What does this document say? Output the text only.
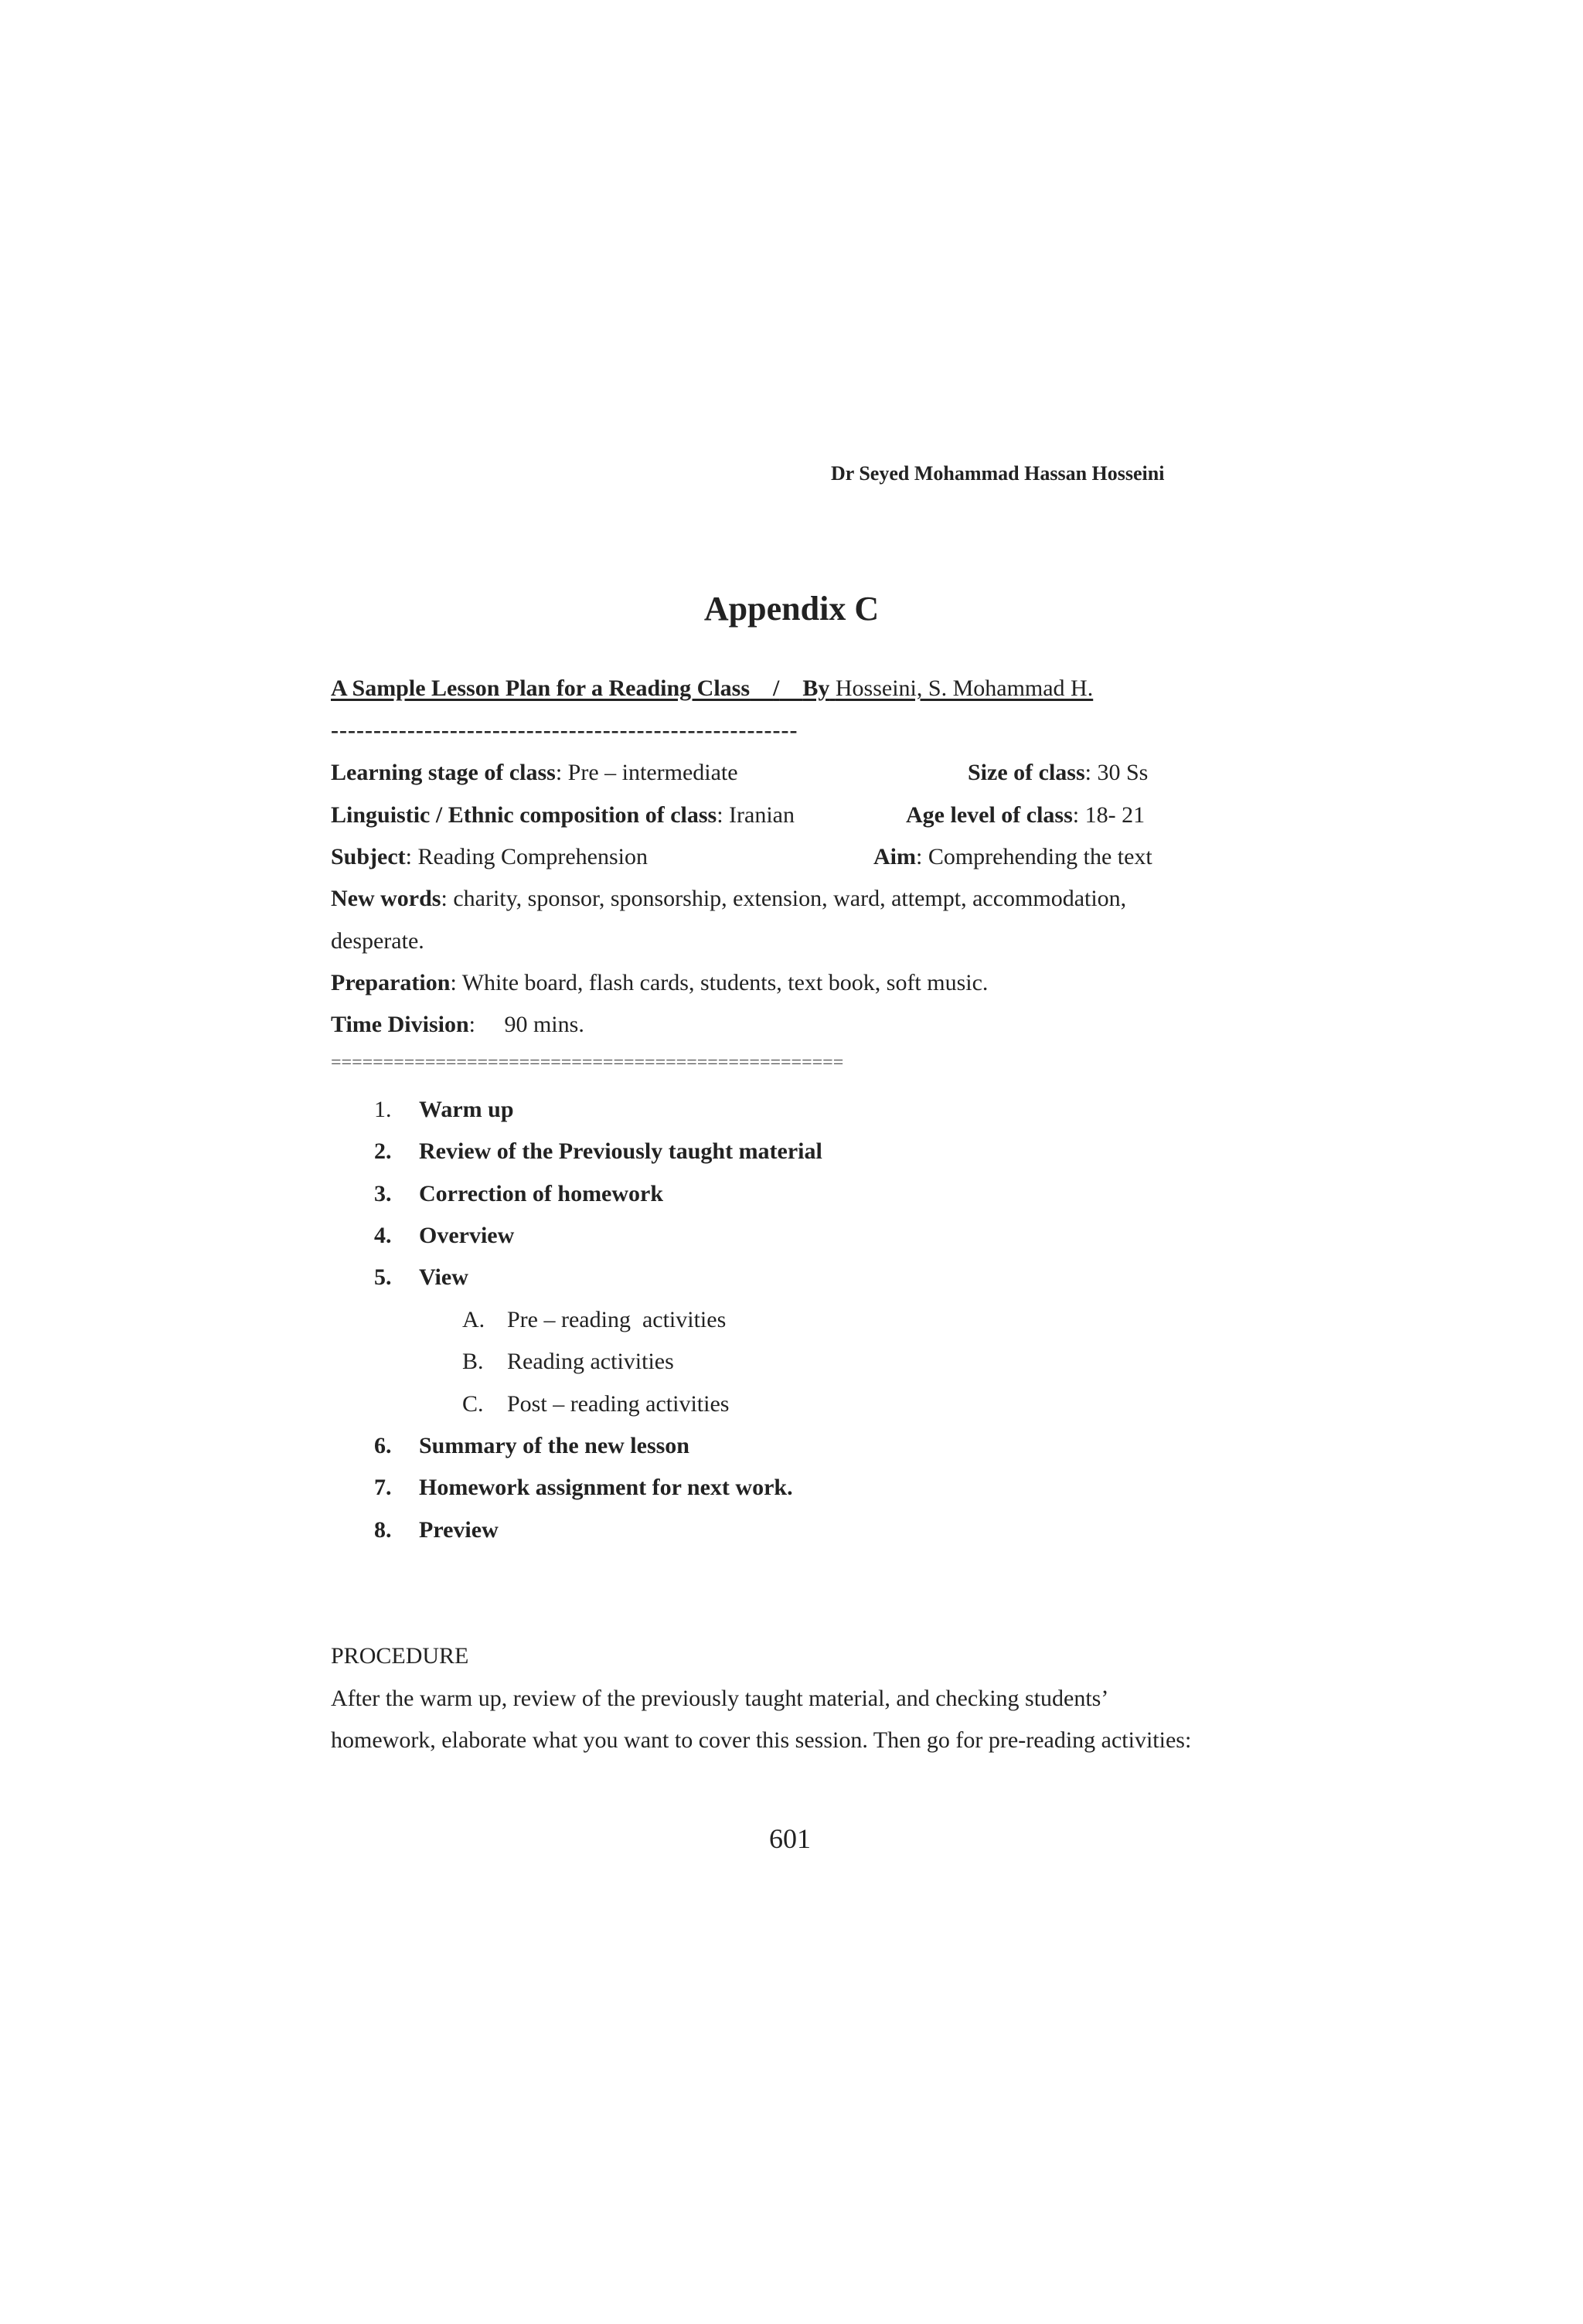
Dr Seyed Mohammad Hassan Hosseini
Appendix C
A Sample Lesson Plan for a Reading Class / By Hosseini, S. Mohammad H.
-------------------------------------------------------
Learning stage of class: Pre – intermediate	Size of class: 30 Ss
Linguistic / Ethnic composition of class: Iranian	Age level of class: 18- 21
Subject: Reading Comprehension	Aim: Comprehending the text
New words: charity, sponsor, sponsorship, extension, ward, attempt, accommodation,
desperate.
Preparation: White board, flash cards, students, text book, soft music.
Time Division:     90 mins.
=================================================
1. Warm up
2. Review of the Previously taught material
3. Correction of homework
4. Overview
5. View
A. Pre – reading  activities
B. Reading activities
C. Post – reading activities
6. Summary of the new lesson
7. Homework assignment for next work.
8. Preview
PROCEDURE
After the warm up, review of the previously taught material, and checking students’
homework, elaborate what you want to cover this session. Then go for pre-reading activities:
601
